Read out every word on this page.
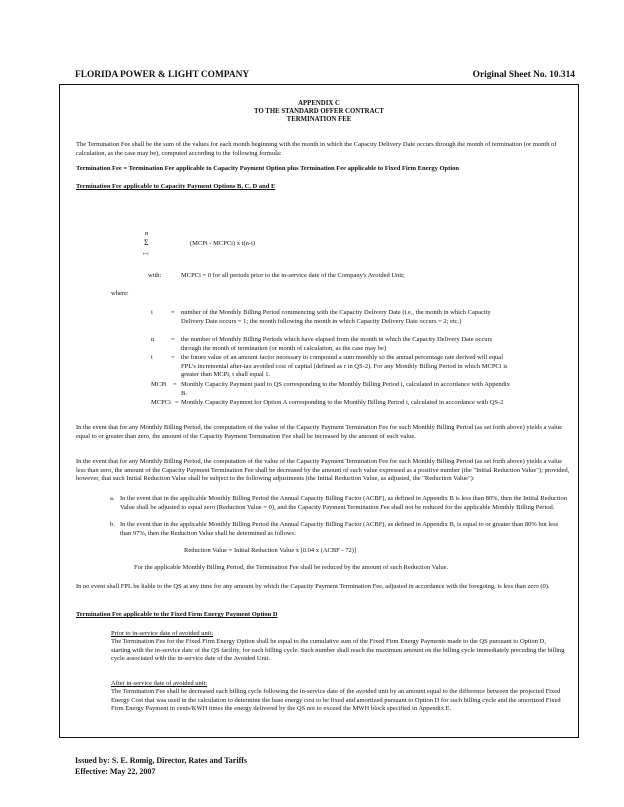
FLORIDA POWER & LIGHT COMPANY	Original Sheet No. 10.314
APPENDIX C
TO THE STANDARD OFFER CONTRACT
TERMINATION FEE
The Termination Fee shall be the sum of the values for each month beginning with the month in which the Capacity Delivery Date occurs through the month of termination (or month of calculation, as the case may be), computed according to the following formula:
Termination Fee = Termination Fee applicable to Capacity Payment Option plus Termination Fee applicable to Fixed Firm Energy Option
Termination Fee applicable to Capacity Payment Options B, C, D and E
n
Σ
i=1
(MCPi - MCPCi) x t(n-i)
with:	MCPCi = 0 for all periods prior to the in-service date of the Company's Avoided Unit;
where:
i	= number of the Monthly Billing Period commencing with the Capacity Delivery Date (i.e., the month in which Capacity Delivery Date occurs = 1; the month following the month in which Capacity Delivery Date occurs = 2; etc.)
n	= the number of Monthly Billing Periods which have elapsed from the month in which the Capacity Delivery Date occurs through the month of termination (or month of calculation, as the case may be)
t	= the future value of an amount factor necessary to compound a sum monthly so the annual percentage rate derived will equal FPL's incremental after-tax avoided cost of capital (defined as r in QS-2). For any Monthly Billing Period in which MCPCi is greater than MCPi, t shall equal 1.
MCPi = Monthly Capacity Payment paid to QS corresponding to the Monthly Billing Period i, calculated in accordance with Appendix B.
MCPCi = Monthly Capacity Payment for Option A corresponding to the Monthly Billing Period i, calculated in accordance with QS-2
In the event that for any Monthly Billing Period, the computation of the value of the Capacity Payment Termination Fee for such Monthly Billing Period (as set forth above) yields a value equal to or greater than zero, the amount of the Capacity Payment Termination Fee shall be increased by the amount of such value.
In the event that for any Monthly Billing Period, the computation of the value of the Capacity Payment Termination Fee for such Monthly Billing Period (as set forth above) yields a value less than zero, the amount of the Capacity Payment Termination Fee shall be decreased by the amount of such value expressed as a positive number (the "Initial Reduction Value"); provided, however, that such Initial Reduction Value shall be subject to the following adjustments (the Initial Reduction Value, as adjusted, the "Reduction Value"):
a. In the event that in the applicable Monthly Billing Period the Annual Capacity Billing Factor (ACBF), as defined in Appendix B is less than 80%, then the Initial Reduction Value shall be adjusted to equal zero (Reduction Value = 0), and the Capacity Payment Termination Fee shall not be reduced for the applicable Monthly Billing Period.
b. In the event that in the applicable Monthly Billing Period the Annual Capacity Billing Factor (ACBF), as defined in Appendix B, is equal to or greater than 80% but less than 97%, then the Reduction Value shall be determined as follows:
Reduction Value = Initial Reduction Value x [0.04 x (ACBF - 72)]
For the applicable Monthly Billing Period, the Termination Fee shall be reduced by the amount of such Reduction Value.
In no event shall FPL be liable to the QS at any time for any amount by which the Capacity Payment Termination Fee, adjusted in accordance with the foregoing, is less than zero (0).
Termination Fee applicable to the Fixed Firm Energy Payment Option D
Prior to in-service date of avoided unit:
The Termination Fee for the Fixed Firm Energy Option shall be equal to the cumulative sum of the Fixed Firm Energy Payments made to the QS pursuant to Option D, starting with the in-service date of the QS facility, for each billing cycle. Such number shall reach the maximum amount on the billing cycle immediately preceding the billing cycle associated with the in-service date of the Avoided Unit.
After in-service date of avoided unit:
The Termination Fee shall be decreased each billing cycle following the in-service date of the avoided unit by an amount equal to the difference between the projected Fixed Energy Cost that was used in the calculation to determine the base energy cost to be fixed and amortized pursuant to Option D for such billing cycle and the amortized Fixed Firm Energy Payment in cents/KWH times the energy delivered by the QS not to exceed the MWH block specified in Appendix E.
Issued by: S. E. Romig, Director, Rates and Tariffs
Effective: May 22, 2007
